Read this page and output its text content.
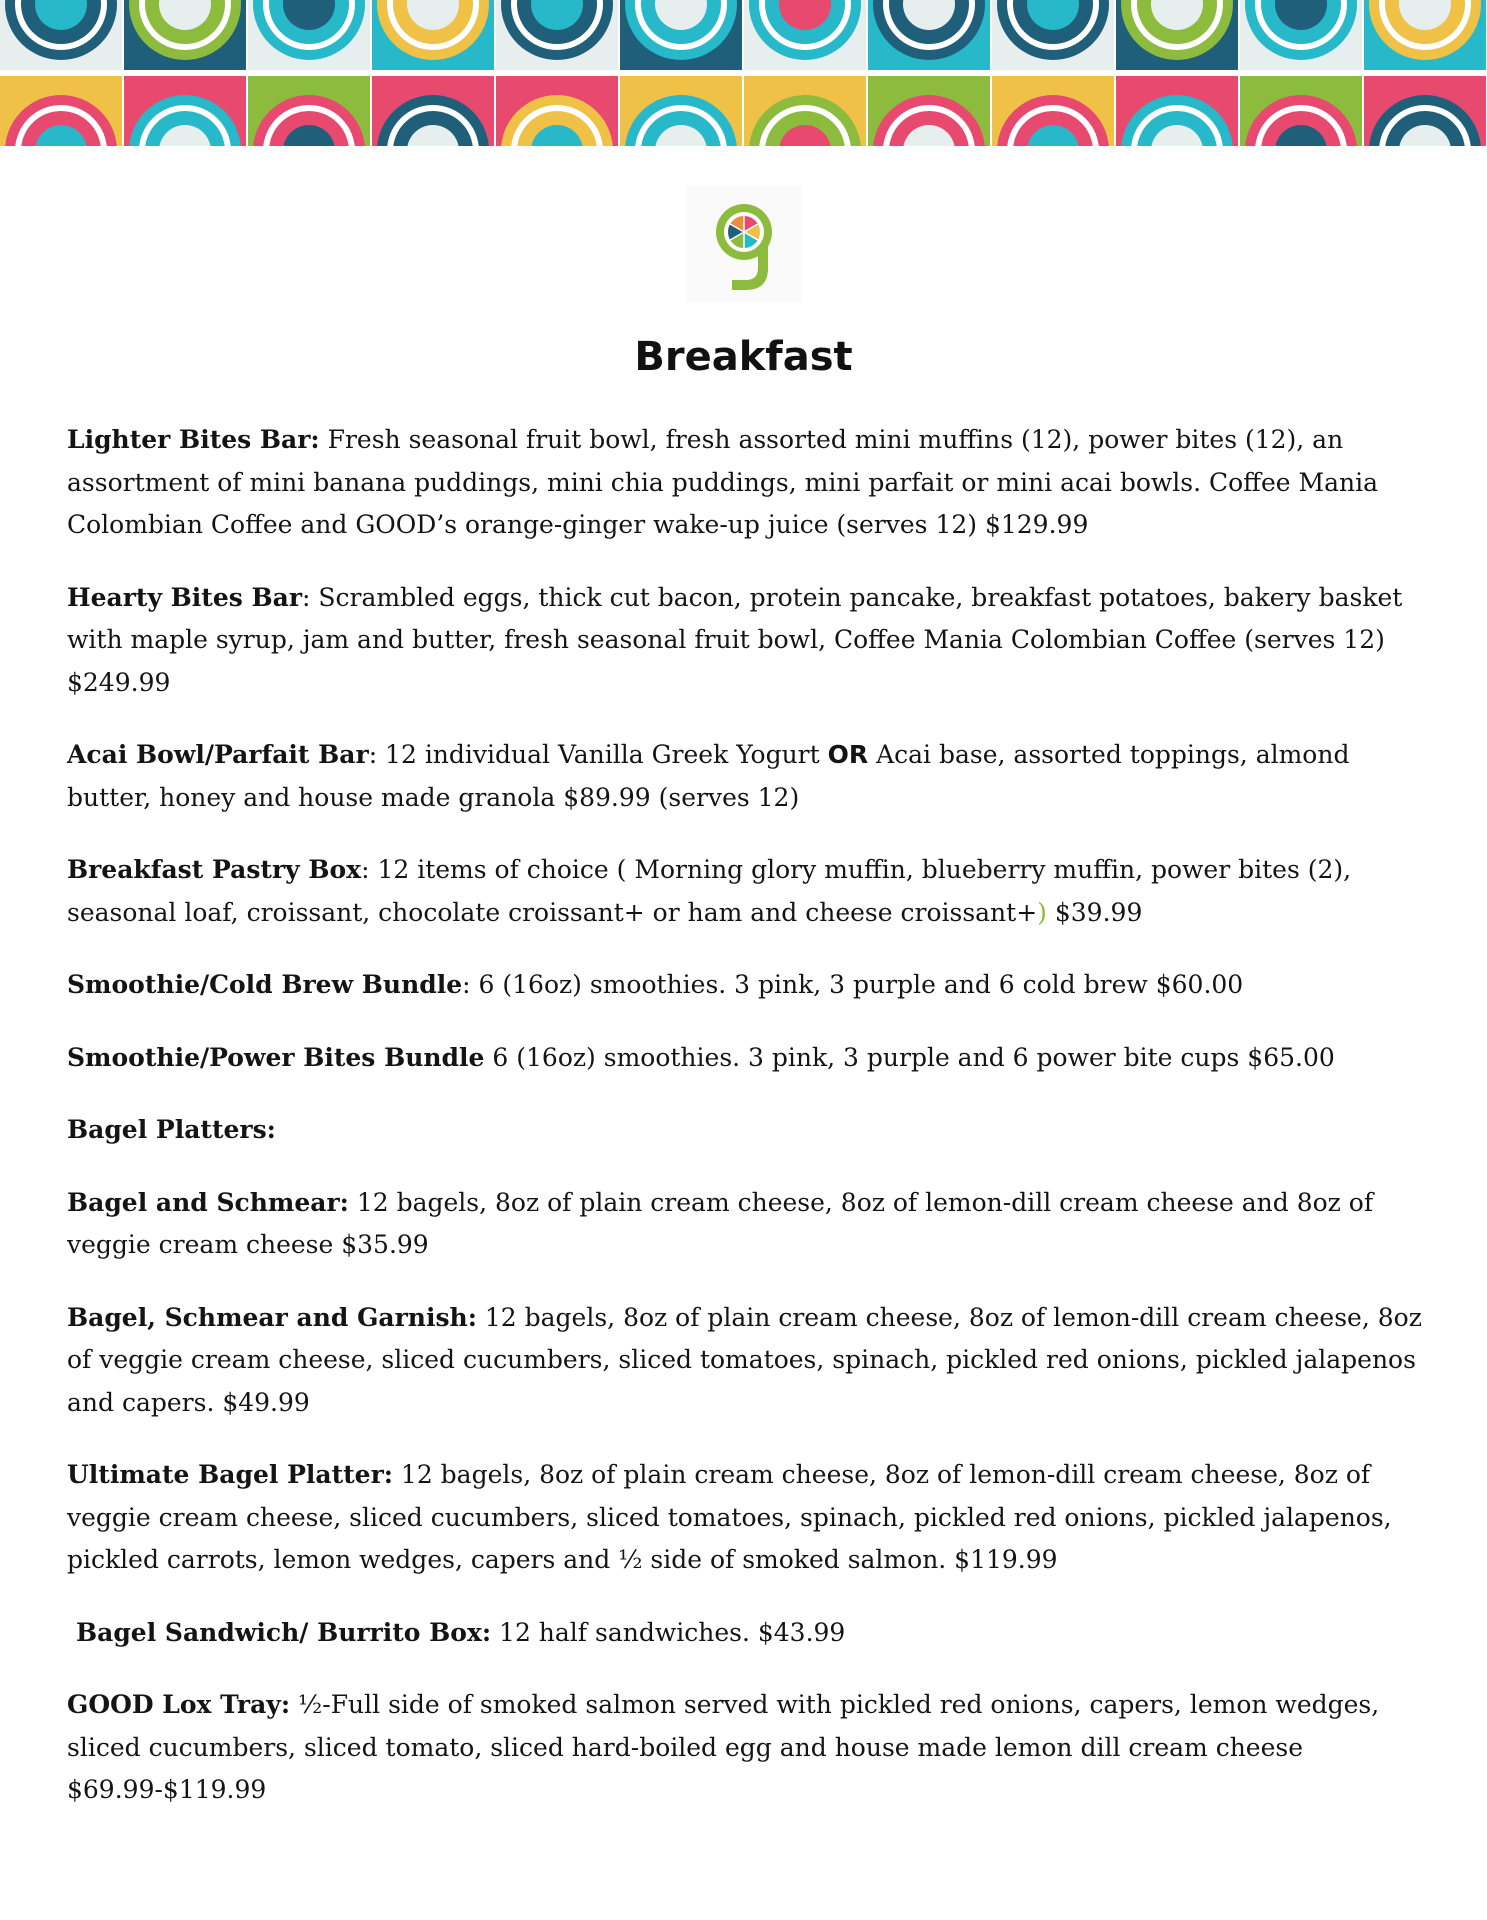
Breakfast

Lighter Bites Bar: Fresh seasonal fruit bowl, fresh assorted mini muffins (12), power bites (12), an assortment of mini banana puddings, mini chia puddings, mini parfait or mini acai bowls. Coffee Mania Colombian Coffee and GOOD’s orange-ginger wake-up juice (serves 12) $129.99

Hearty Bites Bar: Scrambled eggs, thick cut bacon, protein pancake, breakfast potatoes, bakery basket with maple syrup, jam and butter, fresh seasonal fruit bowl, Coffee Mania Colombian Coffee (serves 12) $249.99

Acai Bowl/Parfait Bar: 12 individual Vanilla Greek Yogurt OR Acai base, assorted toppings, almond butter, honey and house made granola $89.99 (serves 12)

Breakfast Pastry Box: 12 items of choice ( Morning glory muffin, blueberry muffin, power bites (2), seasonal loaf, croissant, chocolate croissant+ or ham and cheese croissant+) $39.99

Smoothie/Cold Brew Bundle: 6 (16oz) smoothies. 3 pink, 3 purple and 6 cold brew $60.00

Smoothie/Power Bites Bundle 6 (16oz) smoothies. 3 pink, 3 purple and 6 power bite cups $65.00

Bagel Platters:

Bagel and Schmear: 12 bagels, 8oz of plain cream cheese, 8oz of lemon-dill cream cheese and 8oz of veggie cream cheese $35.99

Bagel, Schmear and Garnish: 12 bagels, 8oz of plain cream cheese, 8oz of lemon-dill cream cheese, 8oz of veggie cream cheese, sliced cucumbers, sliced tomatoes, spinach, pickled red onions, pickled jalapenos and capers. $49.99

Ultimate Bagel Platter: 12 bagels, 8oz of plain cream cheese, 8oz of lemon-dill cream cheese, 8oz of veggie cream cheese, sliced cucumbers, sliced tomatoes, spinach, pickled red onions, pickled jalapenos, pickled carrots, lemon wedges, capers and ½ side of smoked salmon. $119.99

Bagel Sandwich/ Burrito Box: 12 half sandwiches. $43.99

GOOD Lox Tray: ½-Full side of smoked salmon served with pickled red onions, capers, lemon wedges, sliced cucumbers, sliced tomato, sliced hard-boiled egg and house made lemon dill cream cheese $69.99-$119.99
